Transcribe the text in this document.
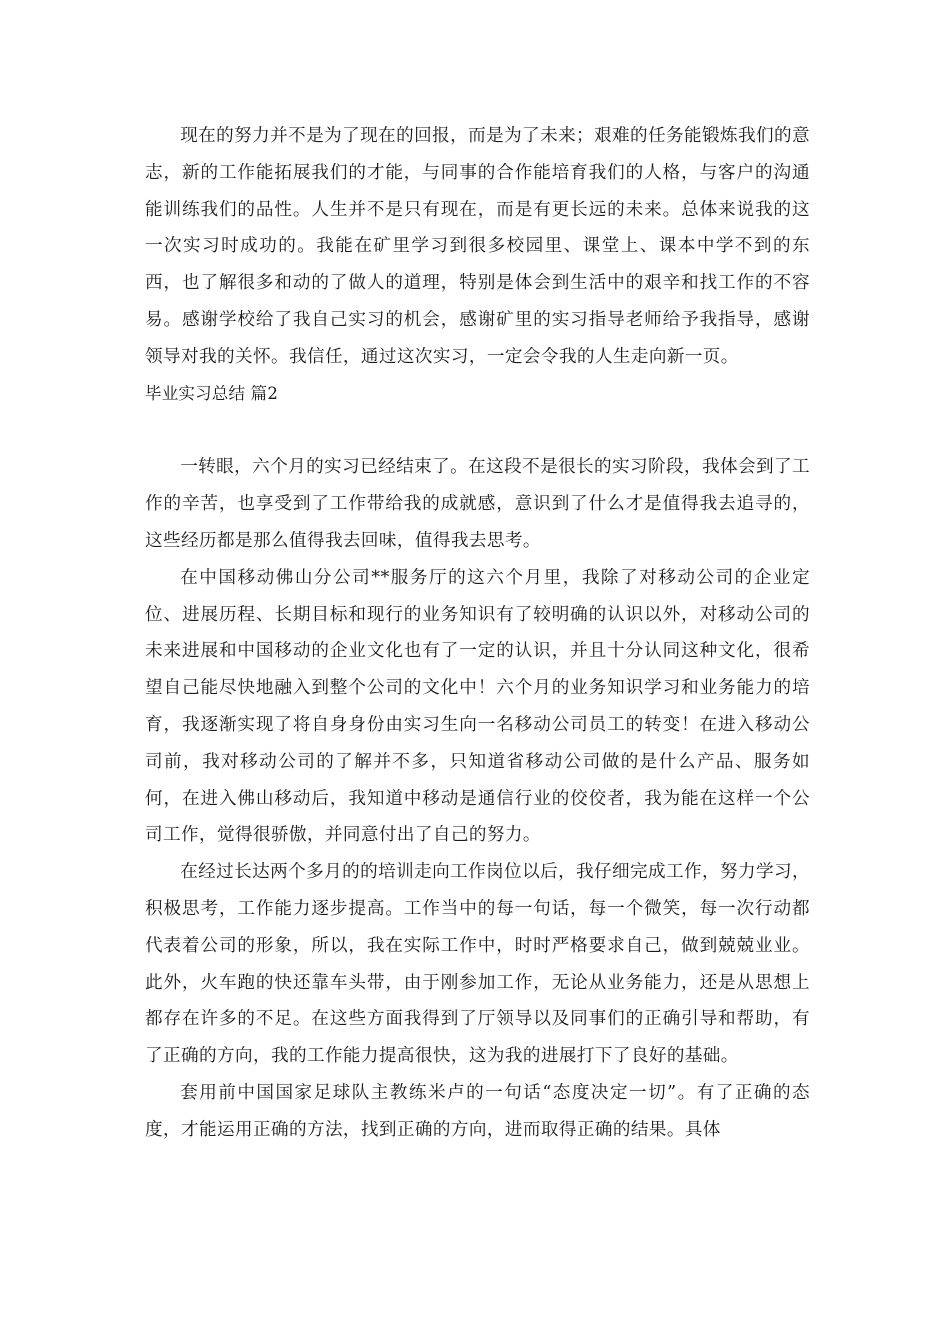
现在的努力并不是为了现在的回报，而是为了未来；艰难的任务能锻炼我们的意志，新的工作能拓展我们的才能，与同事的合作能培育我们的人格，与客户的沟通能训练我们的品性。人生并不是只有现在，而是有更长远的未来。总体来说我的这一次实习时成功的。我能在矿里学习到很多校园里、课堂上、课本中学不到的东西，也了解很多和动的了做人的道理，特别是体会到生活中的艰辛和找工作的不容易。感谢学校给了我自己实习的机会，感谢矿里的实习指导老师给予我指导，感谢领导对我的关怀。我信任，通过这次实习，一定会令我的人生走向新一页。

毕业实习总结 篇2

一转眼，六个月的实习已经结束了。在这段不是很长的实习阶段，我体会到了工作的辛苦，也享受到了工作带给我的成就感，意识到了什么才是值得我去追寻的，这些经历都是那么值得我去回味，值得我去思考。

在中国移动佛山分公司**服务厅的这六个月里，我除了对移动公司的企业定位、进展历程、长期目标和现行的业务知识有了较明确的认识以外，对移动公司的未来进展和中国移动的企业文化也有了一定的认识，并且十分认同这种文化，很希望自己能尽快地融入到整个公司的文化中！六个月的业务知识学习和业务能力的培育，我逐渐实现了将自身身份由实习生向一名移动公司员工的转变！在进入移动公司前，我对移动公司的了解并不多，只知道省移动公司做的是什么产品、服务如何，在进入佛山移动后，我知道中移动是通信行业的佼佼者，我为能在这样一个公司工作，觉得很骄傲，并同意付出了自己的努力。

在经过长达两个多月的的培训走向工作岗位以后，我仔细完成工作，努力学习，积极思考，工作能力逐步提高。工作当中的每一句话，每一个微笑，每一次行动都代表着公司的形象，所以，我在实际工作中，时时严格要求自己，做到兢兢业业。此外，火车跑的快还靠车头带，由于刚参加工作，无论从业务能力，还是从思想上都存在许多的不足。在这些方面我得到了厅领导以及同事们的正确引导和帮助，有了正确的方向，我的工作能力提高很快，这为我的进展打下了良好的基础。

套用前中国国家足球队主教练米卢的一句话“态度决定一切”。有了正确的态度，才能运用正确的方法，找到正确的方向，进而取得正确的结果。具体
